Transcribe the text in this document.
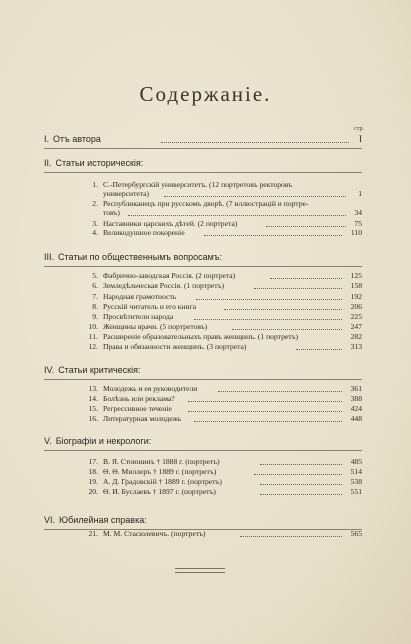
Содержанiе.
стр.
I. Отъ автора	I
II. Статьи историческiя:
1. С.-Петербургскiй университетъ. (12 портретовъ ректоровъ
университета)	1
2. Республиканецъ при русскомъ дворѣ. (7 иллюстрацiй и портре-
товъ)	34
3. Наставники царскихъ дѣтей. (2 портрета)	75
4. Великодушное покоренiе	110
III. Статьи по общественнымъ вопросамъ:
5. Фабрично-заводская Россiя. (2 портрета)	125
6. Земледѣльческая Россiя. (1 портретъ)	158
7. Народная грамотность	192
8. Русскiй читатель и его книга	206
9. Просвѣтители народа	225
10. Женщины врачи. (5 портретовъ)	247
11. Расширенiе образовательныхъ правъ женщинъ. (1 портретъ)	282
12. Права и обязанности женщинъ. (3 портрета)	313
IV. Статьи критическiя:
13. Молодежь и ея руководители	361
14. Болѣзнь или реклама?	388
15. Регрессивное теченiе	424
16. Литературная молодежь	448
V. Бiографiи и некрологи:
17. В. Я. Стоюнинъ † 1888 г. (портретъ)	485
18. Ѳ. Ѳ. Миллеръ † 1889 г. (портретъ)	514
19. А. Д. Градовскiй † 1889 г. (портретъ)	538
20. Ѳ. И. Буслаевъ † 1897 г. (портретъ)	551
VI. Юбилейная справка:
21. М. М. Стасюлевичъ. (портретъ)	565
